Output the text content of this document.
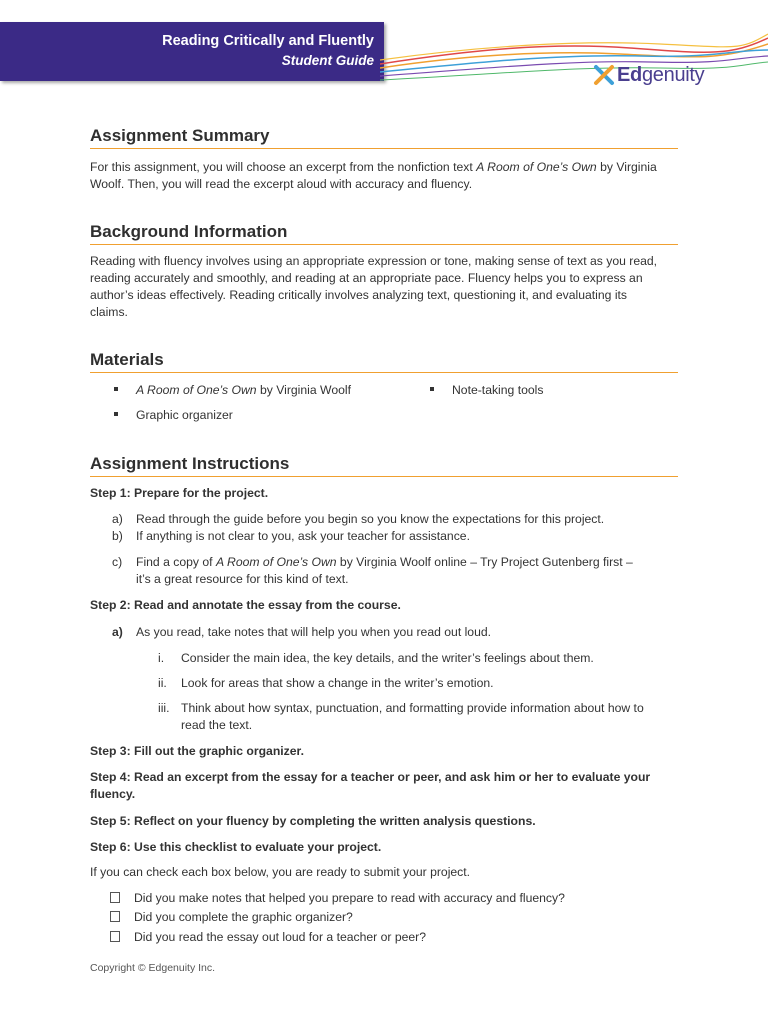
Reading Critically and Fluently
Student Guide
Edgenuity
Assignment Summary

For this assignment, you will choose an excerpt from the nonfiction text A Room of One’s Own by Virginia

Woolf. Then, you will read the excerpt aloud with accuracy and fluency.

Background Information

Reading with fluency involves using an appropriate expression or tone, making sense of text as you read,

reading accurately and smoothly, and reading at an appropriate pace. Fluency helps you to express an

author’s ideas effectively. Reading critically involves analyzing text, questioning it, and evaluating its

claims.

Materials
A Room of One’s Own by Virginia Woolf	Note-taking tools
Graphic organizer
Assignment Instructions
Step 1: Prepare for the project.
a) Read through the guide before you begin so you know the expectations for this project.
b) If anything is not clear to you, ask your teacher for assistance.
c) Find a copy of A Room of One’s Own by Virginia Woolf online – Try Project Gutenberg first –
it’s a great resource for this kind of text.
Step 2: Read and annotate the essay from the course.
a) As you read, take notes that will help you when you read out loud.
i. Consider the main idea, the key details, and the writer’s feelings about them.
ii. Look for areas that show a change in the writer’s emotion.
iii. Think about how syntax, punctuation, and formatting provide information about how to
read the text.
Step 3: Fill out the graphic organizer.
Step 4: Read an excerpt from the essay for a teacher or peer, and ask him or her to evaluate your
fluency.
Step 5: Reflect on your fluency by completing the written analysis questions.
Step 6: Use this checklist to evaluate your project.

If you can check each box below, you are ready to submit your project.

Did you make notes that helped you prepare to read with accuracy and fluency?
Did you complete the graphic organizer?
Did you read the essay out loud for a teacher or peer?
Copyright © Edgenuity Inc.
